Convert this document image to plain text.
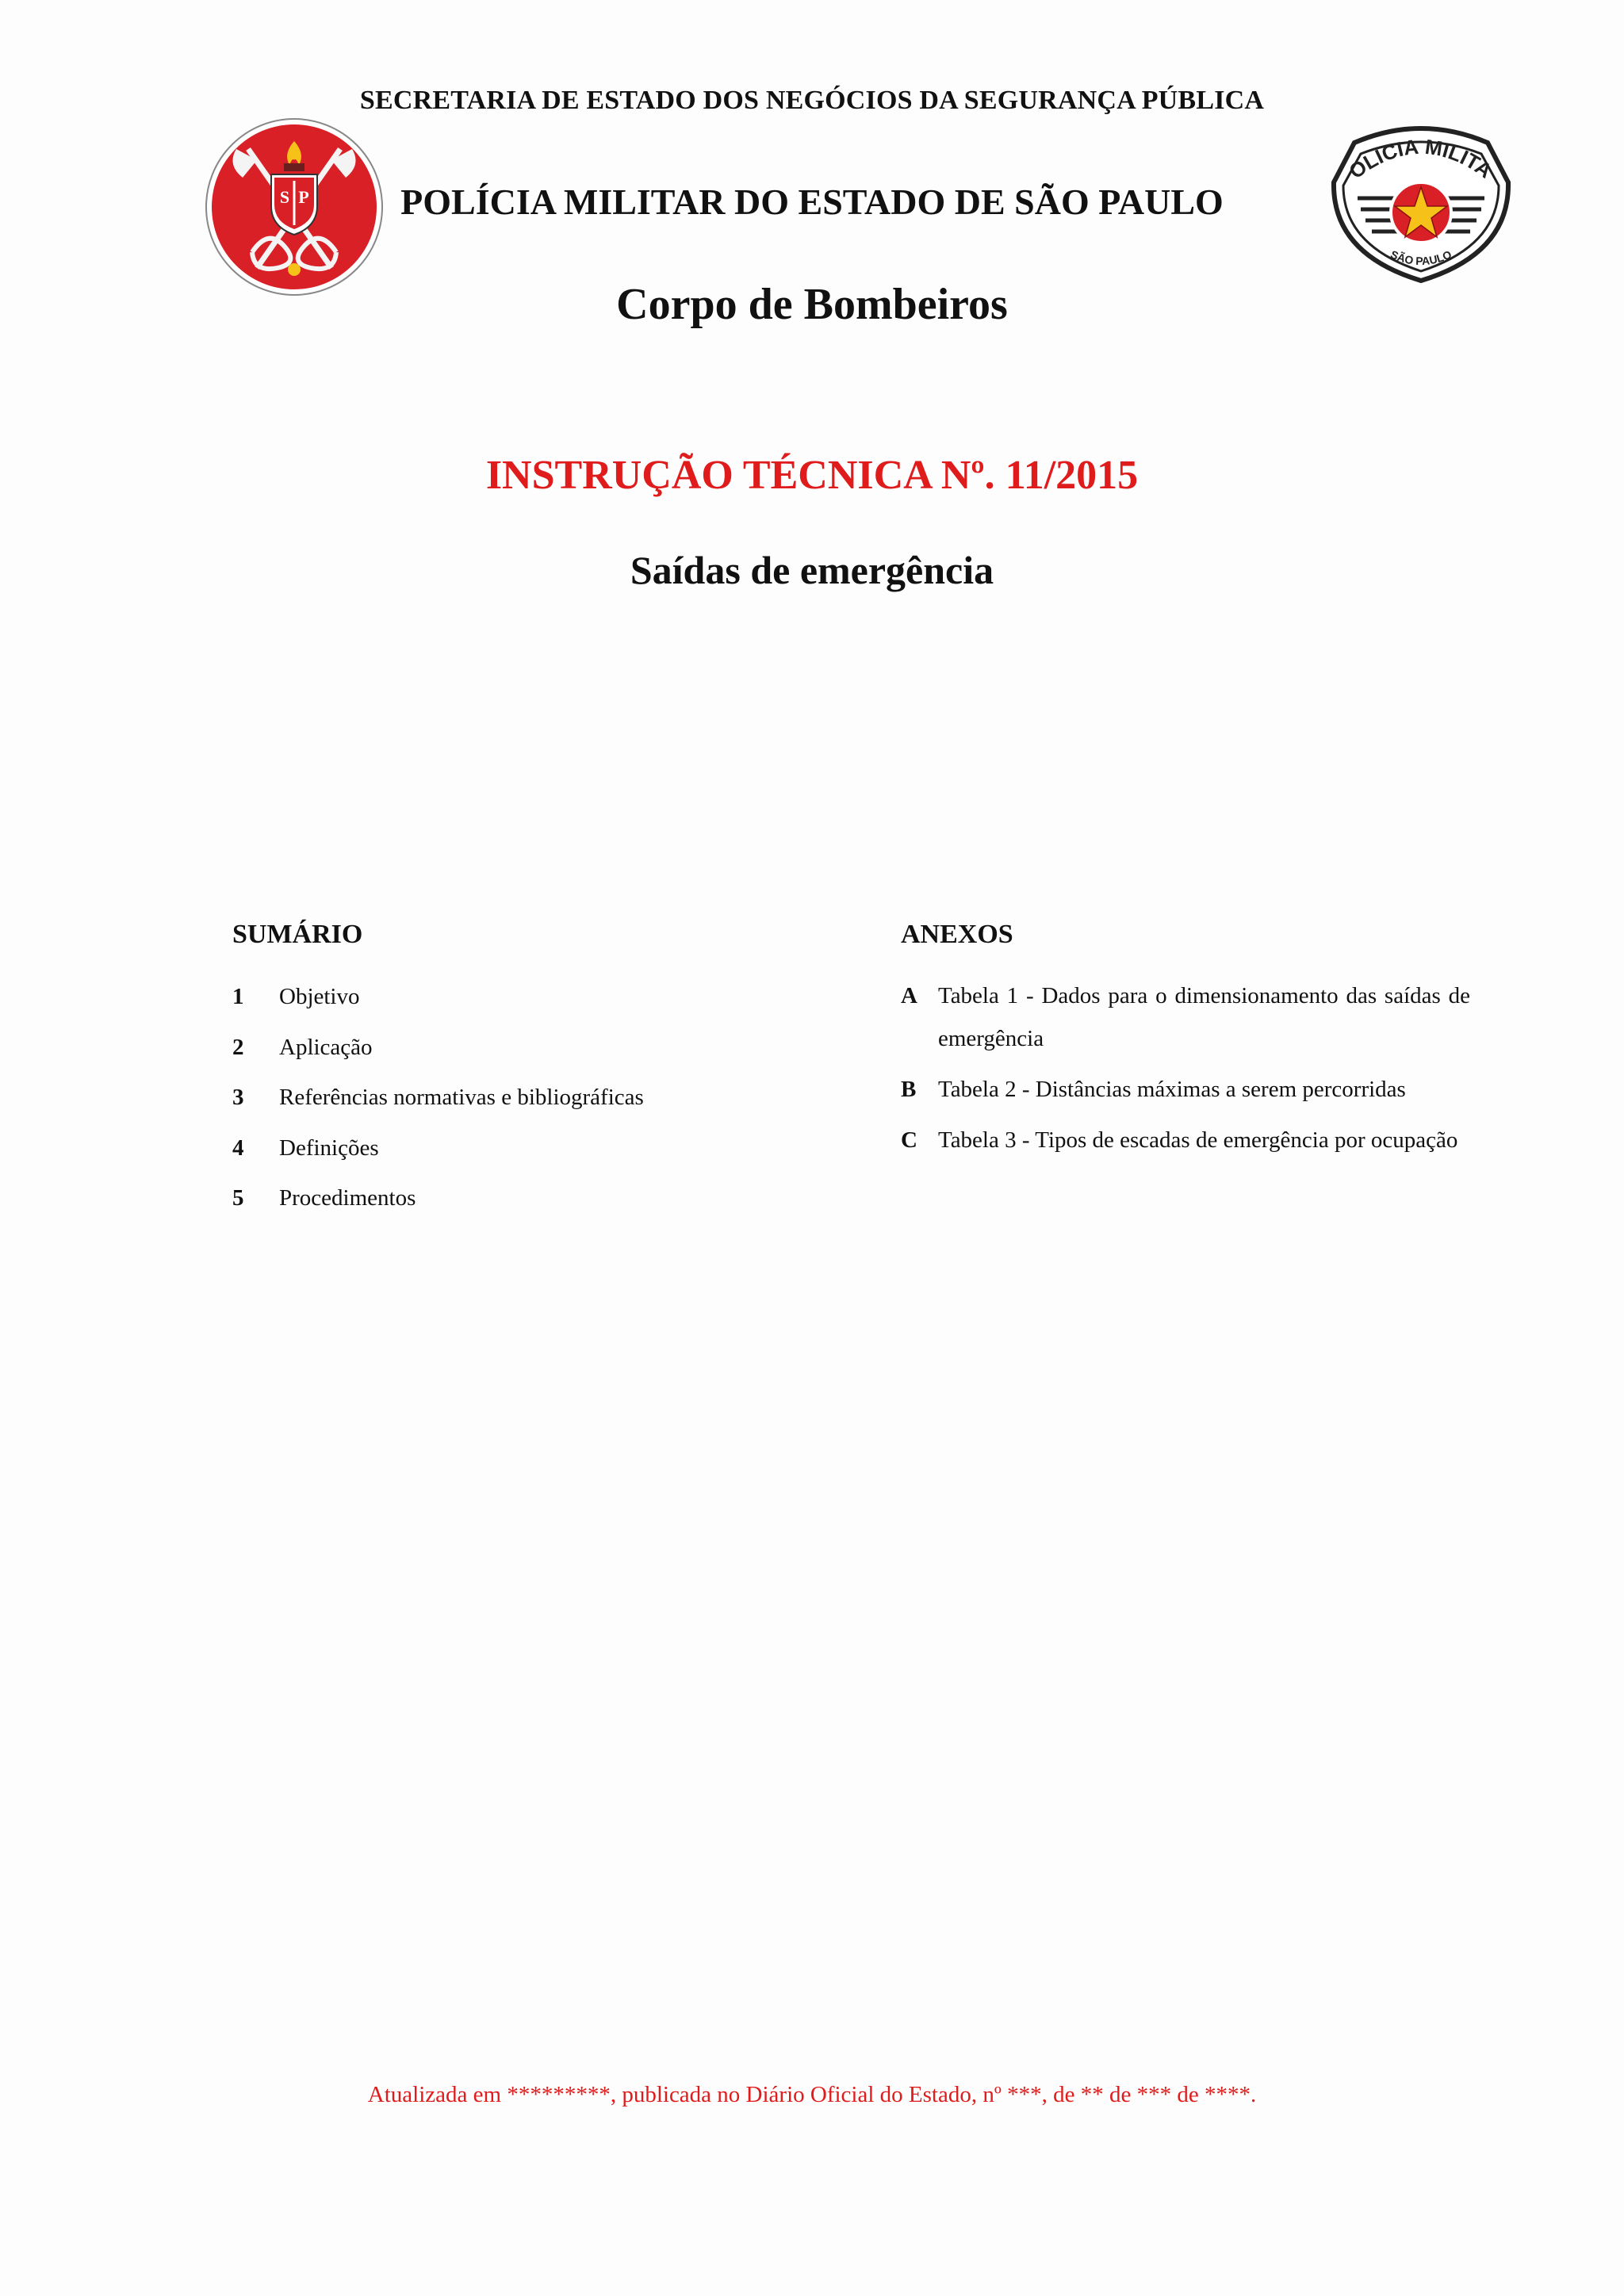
SECRETARIA DE ESTADO DOS NEGÓCIOS DA SEGURANÇA PÚBLICA
S P	POLÍCIA MILITAR DO ESTADO DE SÃO PAULO
OLICIA MILITA
SÃO PAULO
Corpo de Bombeiros
INSTRUÇÃO TÉCNICA Nº. 11/2015
Saídas de emergência
SUMÁRIO
1	Objetivo
2	Aplicação
3	Referências normativas e bibliográficas
4	Definições
5	Procedimentos
ANEXOS
A Tabela 1 - Dados para o dimensionamento das saídas de emergência
B Tabela 2 - Distâncias máximas a serem percorridas
C Tabela 3 - Tipos de escadas de emergência por ocupação
Atualizada em *********, publicada no Diário Oficial do Estado, nº ***, de ** de *** de ****.
